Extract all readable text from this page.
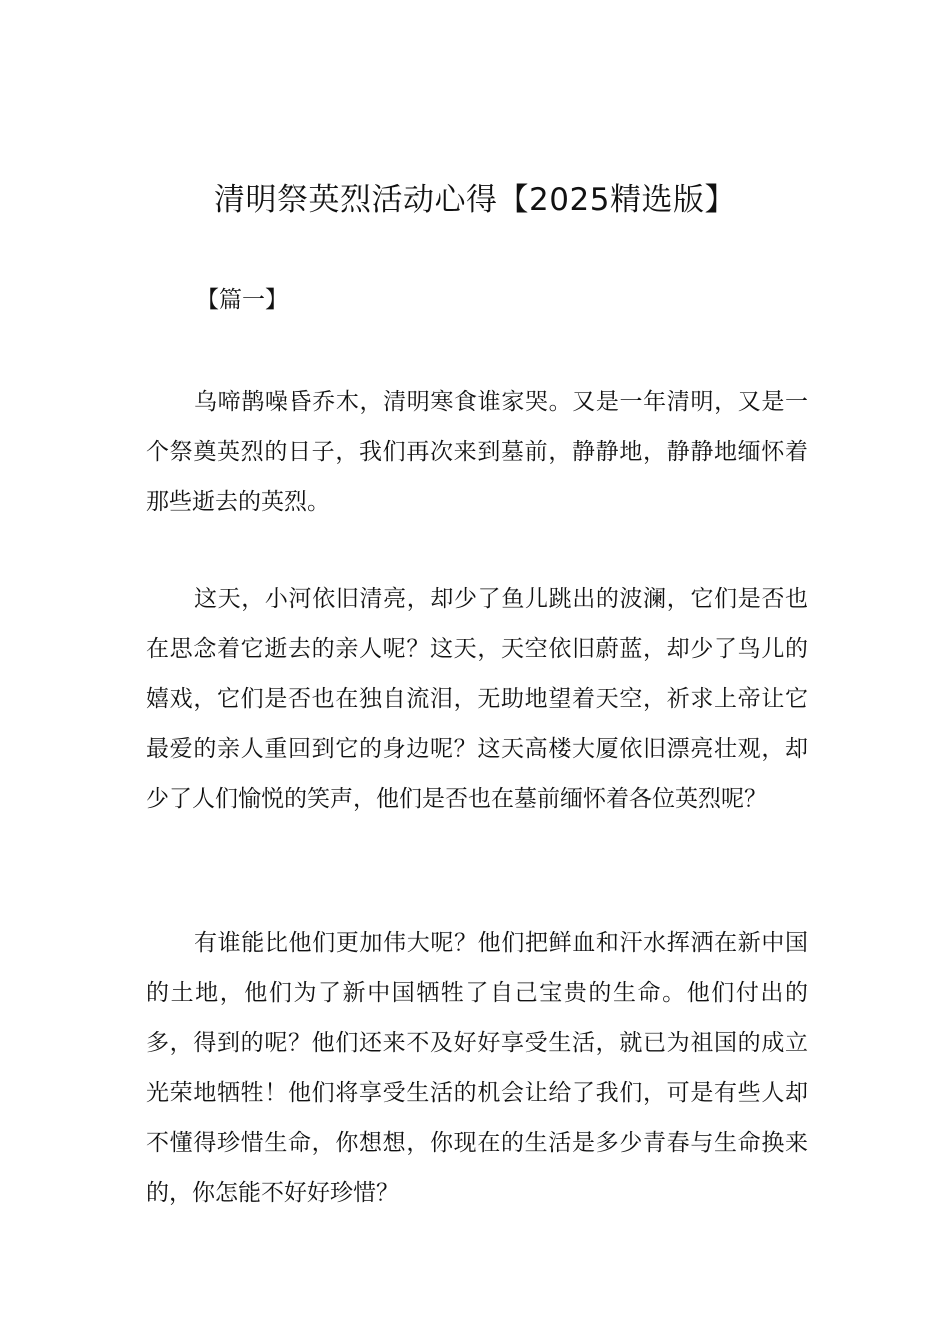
清明祭英烈活动心得【2025精选版】
【篇一】

乌啼鹊噪昏乔木，清明寒食谁家哭。又是一年清明，又是一个祭奠英烈的日子，我们再次来到墓前，静静地，静静地缅怀着那些逝去的英烈。

这天，小河依旧清亮，却少了鱼儿跳出的波澜，它们是否也在思念着它逝去的亲人呢？这天，天空依旧蔚蓝，却少了鸟儿的嬉戏，它们是否也在独自流泪，无助地望着天空，祈求上帝让它最爱的亲人重回到它的身边呢？这天高楼大厦依旧漂亮壮观，却少了人们愉悦的笑声，他们是否也在墓前缅怀着各位英烈呢？

有谁能比他们更加伟大呢？他们把鲜血和汗水挥洒在新中国的土地，他们为了新中国牺牲了自己宝贵的生命。他们付出的多，得到的呢？他们还来不及好好享受生活，就已为祖国的成立光荣地牺牲！他们将享受生活的机会让给了我们，可是有些人却不懂得珍惜生命，你想想，你现在的生活是多少青春与生命换来的，你怎能不好好珍惜？
